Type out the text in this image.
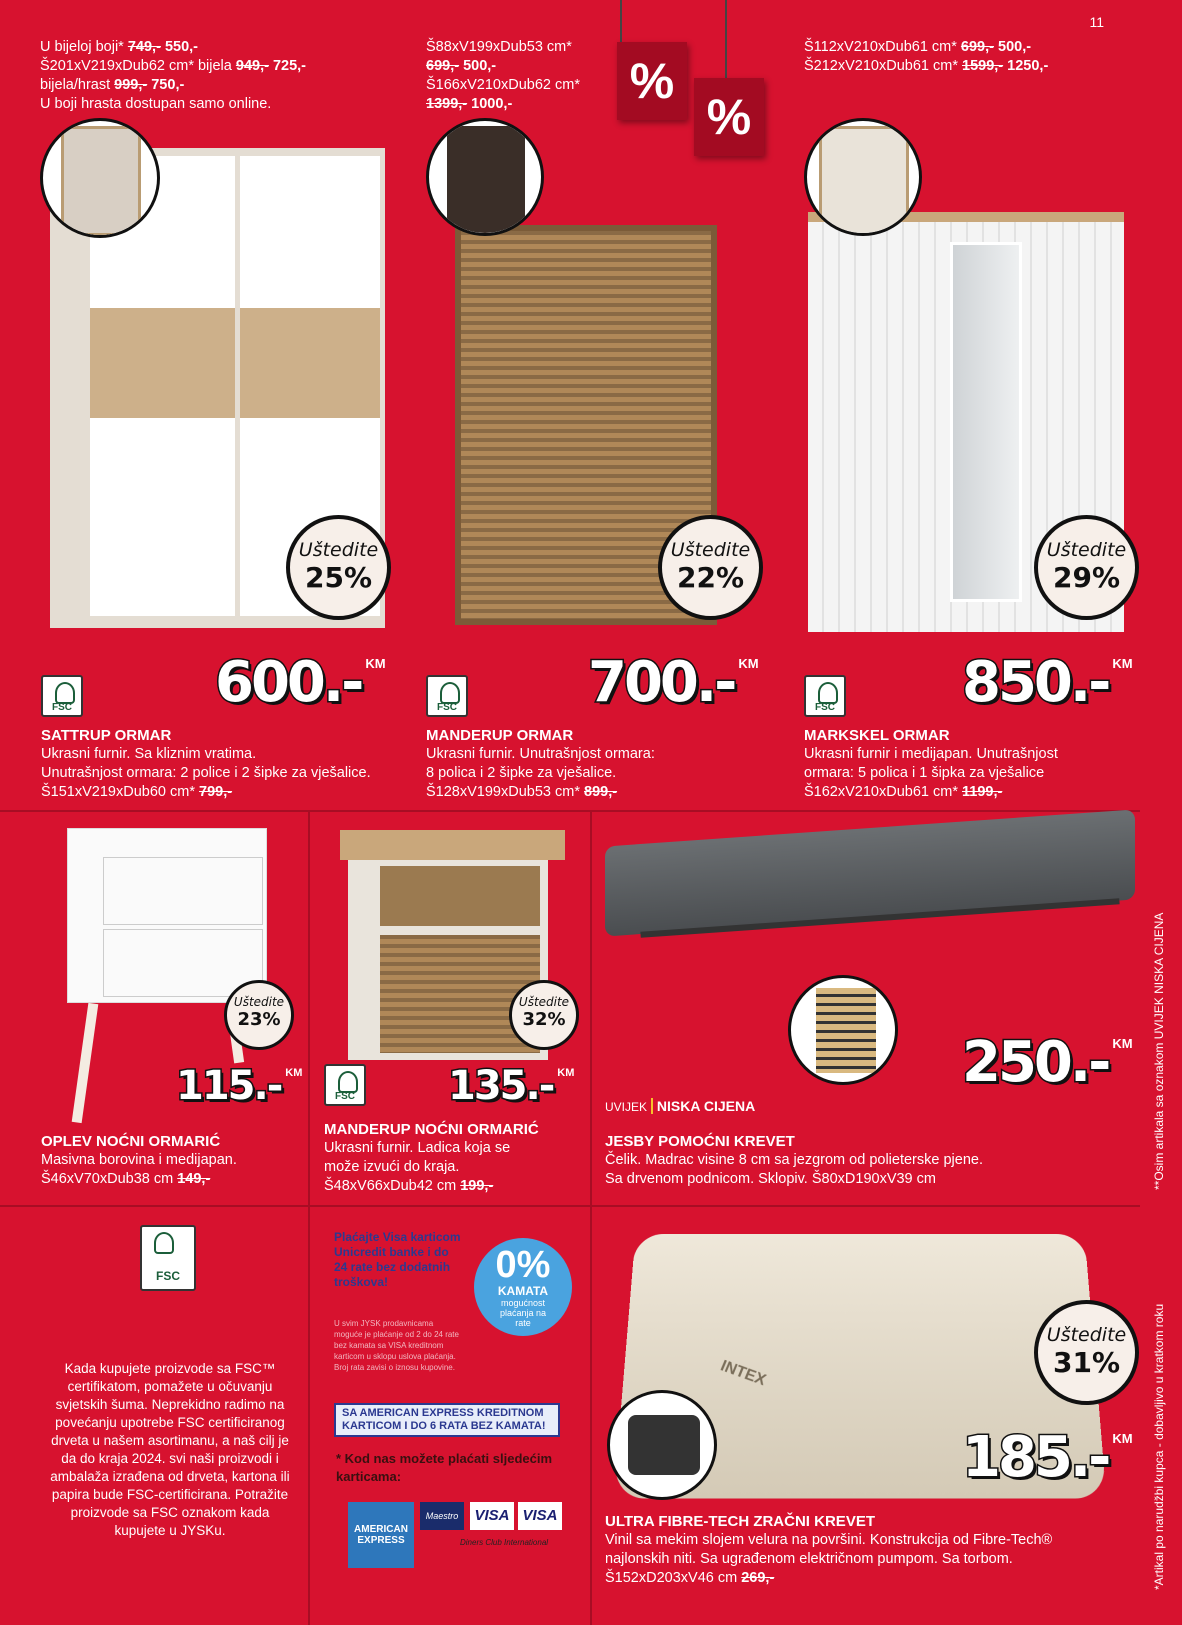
11
U bijeloj boji* 749,- 550,-
Š201xV219xDub62 cm* bijela 949,- 725,-
bijela/hrast 999,- 750,-
U boji hrasta dostupan samo online.
Š88xV199xDub53 cm*
699,- 500,-
Š166xV210xDub62 cm*
1399,- 1000,-
Š112xV210xDub61 cm* 699,- 500,-
Š212xV210xDub61 cm* 1599,- 1250,-
%
%
Uštedite
25%
Uštedite
22%
Uštedite
29%
FSC	FSC	FSC
600.- KM	700.- KM	850.- KM
SATTRUP ORMAR
Ukrasni furnir. Sa kliznim vratima.
Unutrašnjost ormara: 2 police i 2 šipke za vješalice.
Š151xV219xDub60 cm* 799,-
MANDERUP ORMAR
Ukrasni furnir. Unutrašnjost ormara:
8 polica i 2 šipke za vješalice.
Š128xV199xDub53 cm* 899,-
MARKSKEL ORMAR
Ukrasni furnir i medijapan. Unutrašnjost
ormara: 5 polica i 1 šipka za vješalice
Š162xV210xDub61 cm* 1199,-
Uštedite
23%
Uštedite
32%
FSC
115.- KM	135.- KM	250.- KM
UVIJEK NISKA CIJENA
OPLEV NOĆNI ORMARIĆ
Masivna borovina i medijapan.
Š46xV70xDub38 cm 149,-
MANDERUP NOĆNI ORMARIĆ
Ukrasni furnir. Ladica koja se
može izvući do kraja.
Š48xV66xDub42 cm 199,-
JESBY POMOĆNI KREVET
Čelik. Madrac visine 8 cm sa jezgrom od polieterske pjene.
Sa drvenom podnicom. Sklopiv. Š80xD190xV39 cm
FSC
Kada kupujete proizvode sa FSC™ certifikatom, pomažete u očuvanju svjetskih šuma. Neprekidno radimo na povećanju upotrebe FSC certificiranog drveta u našem asortimanu, a naš cilj je da do kraja 2024. svi naši proizvodi i ambalaža izrađena od drveta, kartona ili papira bude FSC-certificirana. Potražite proizvode sa FSC oznakom kada kupujete u JYSKu.
Plaćajte Visa karticom Unicredit banke i do 24 rate bez dodatnih troškova!
U svim JYSK prodavnicama moguće je plaćanje od 2 do 24 rate bez kamata sa VISA kreditnom karticom u sklopu uslova plaćanja. Broj rata zavisi o iznosu kupovine.
0%
KAMATA
mogućnost plaćanja na rate
SA AMERICAN EXPRESS KREDITNOM KARTICOM I DO 6 RATA BEZ KAMATA!
* Kod nas možete plaćati sljedećim karticama:
AMERICAN EXPRESS
Maestro	VISA VISA
Diners Club International
INTEX
Uštedite
31%
185.- KM
ULTRA FIBRE-TECH ZRAČNI KREVET
Vinil sa mekim slojem velura na površini. Konstrukcija od Fibre-Tech®
najlonskih niti. Sa ugrađenom električnom pumpom. Sa torbom.
Š152xD203xV46 cm 269,-
**Osim artikala sa oznakom UVIJEK NISKA CIJENA
*Artikal po narudžbi kupca - dobavljivo u kratkom roku
